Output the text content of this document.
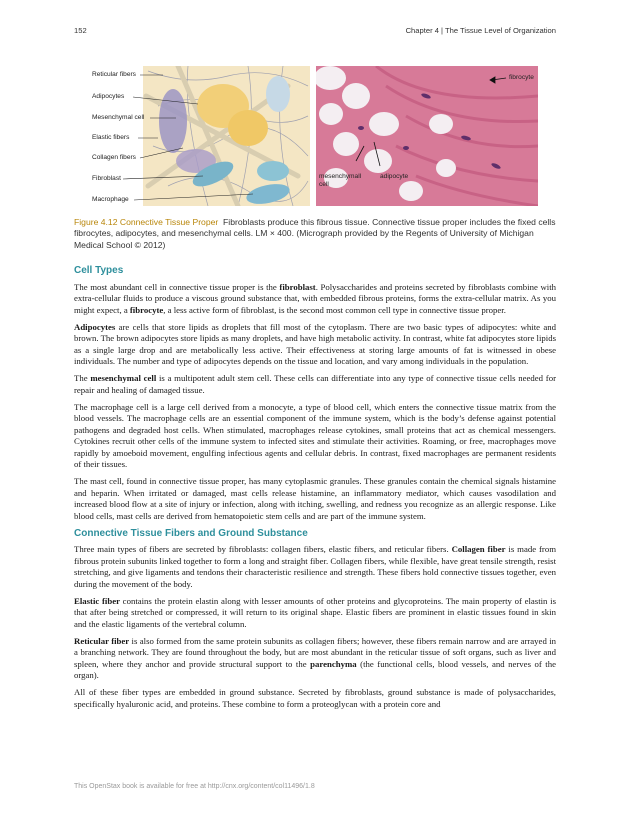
152	Chapter 4 | The Tissue Level of Organization
Reticular fibers
Adipocytes
Mesenchymal cell
Elastic fibers
Collagen fibers
Fibroblast
Macrophage
fibrocyte
mesenchymall
cell
adipocyte
Figure 4.12 Connective Tissue Proper Fibroblasts produce this fibrous tissue. Connective tissue proper includes the fixed cells fibrocytes, adipocytes, and mesenchymal cells. LM × 400. (Micrograph provided by the Regents of University of Michigan Medical School © 2012)
Cell Types

The most abundant cell in connective tissue proper is the fibroblast. Polysaccharides and proteins secreted by fibroblasts combine with extra-cellular fluids to produce a viscous ground substance that, with embedded fibrous proteins, forms the extra-cellular matrix. As you might expect, a fibrocyte, a less active form of fibroblast, is the second most common cell type in connective tissue proper.

Adipocytes are cells that store lipids as droplets that fill most of the cytoplasm. There are two basic types of adipocytes: white and brown. The brown adipocytes store lipids as many droplets, and have high metabolic activity. In contrast, white fat adipocytes store lipids as a single large drop and are metabolically less active. Their effectiveness at storing large amounts of fat is witnessed in obese individuals. The number and type of adipocytes depends on the tissue and location, and vary among individuals in the population.

The mesenchymal cell is a multipotent adult stem cell. These cells can differentiate into any type of connective tissue cells needed for repair and healing of damaged tissue.

The macrophage cell is a large cell derived from a monocyte, a type of blood cell, which enters the connective tissue matrix from the blood vessels. The macrophage cells are an essential component of the immune system, which is the body’s defense against potential pathogens and degraded host cells. When stimulated, macrophages release cytokines, small proteins that act as chemical messengers. Cytokines recruit other cells of the immune system to infected sites and stimulate their activities. Roaming, or free, macrophages move rapidly by amoeboid movement, engulfing infectious agents and cellular debris. In contrast, fixed macrophages are permanent residents of their tissues.

The mast cell, found in connective tissue proper, has many cytoplasmic granules. These granules contain the chemical signals histamine and heparin. When irritated or damaged, mast cells release histamine, an inflammatory mediator, which causes vasodilation and increased blood flow at a site of injury or infection, along with itching, swelling, and redness you recognize as an allergic response. Like blood cells, mast cells are derived from hematopoietic stem cells and are part of the immune system.

Connective Tissue Fibers and Ground Substance

Three main types of fibers are secreted by fibroblasts: collagen fibers, elastic fibers, and reticular fibers. Collagen fiber is made from fibrous protein subunits linked together to form a long and straight fiber. Collagen fibers, while flexible, have great tensile strength, resist stretching, and give ligaments and tendons their characteristic resilience and strength. These fibers hold connective tissues together, even during the movement of the body.

Elastic fiber contains the protein elastin along with lesser amounts of other proteins and glycoproteins. The main property of elastin is that after being stretched or compressed, it will return to its original shape. Elastic fibers are prominent in elastic tissues found in skin and the elastic ligaments of the vertebral column.

Reticular fiber is also formed from the same protein subunits as collagen fibers; however, these fibers remain narrow and are arrayed in a branching network. They are found throughout the body, but are most abundant in the reticular tissue of soft organs, such as liver and spleen, where they anchor and provide structural support to the parenchyma (the functional cells, blood vessels, and nerves of the organ).

All of these fiber types are embedded in ground substance. Secreted by fibroblasts, ground substance is made of polysaccharides, specifically hyaluronic acid, and proteins. These combine to form a proteoglycan with a protein core and

This OpenStax book is available for free at http://cnx.org/content/col11496/1.8
